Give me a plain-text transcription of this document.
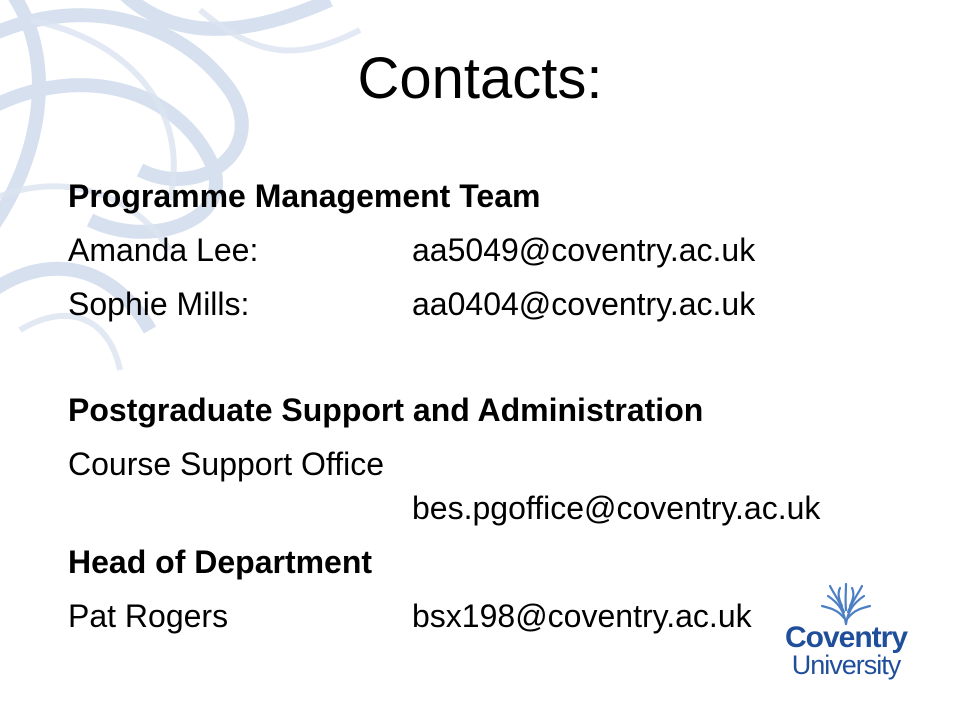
Contacts:
Programme Management Team
Amanda Lee:	aa5049@coventry.ac.uk
Sophie Mills:	aa0404@coventry.ac.uk
Postgraduate Support and Administration
Course Support Office
bes.pgoffice@coventry.ac.uk
Head of Department
Pat Rogers	bsx198@coventry.ac.uk
Coventry
University
